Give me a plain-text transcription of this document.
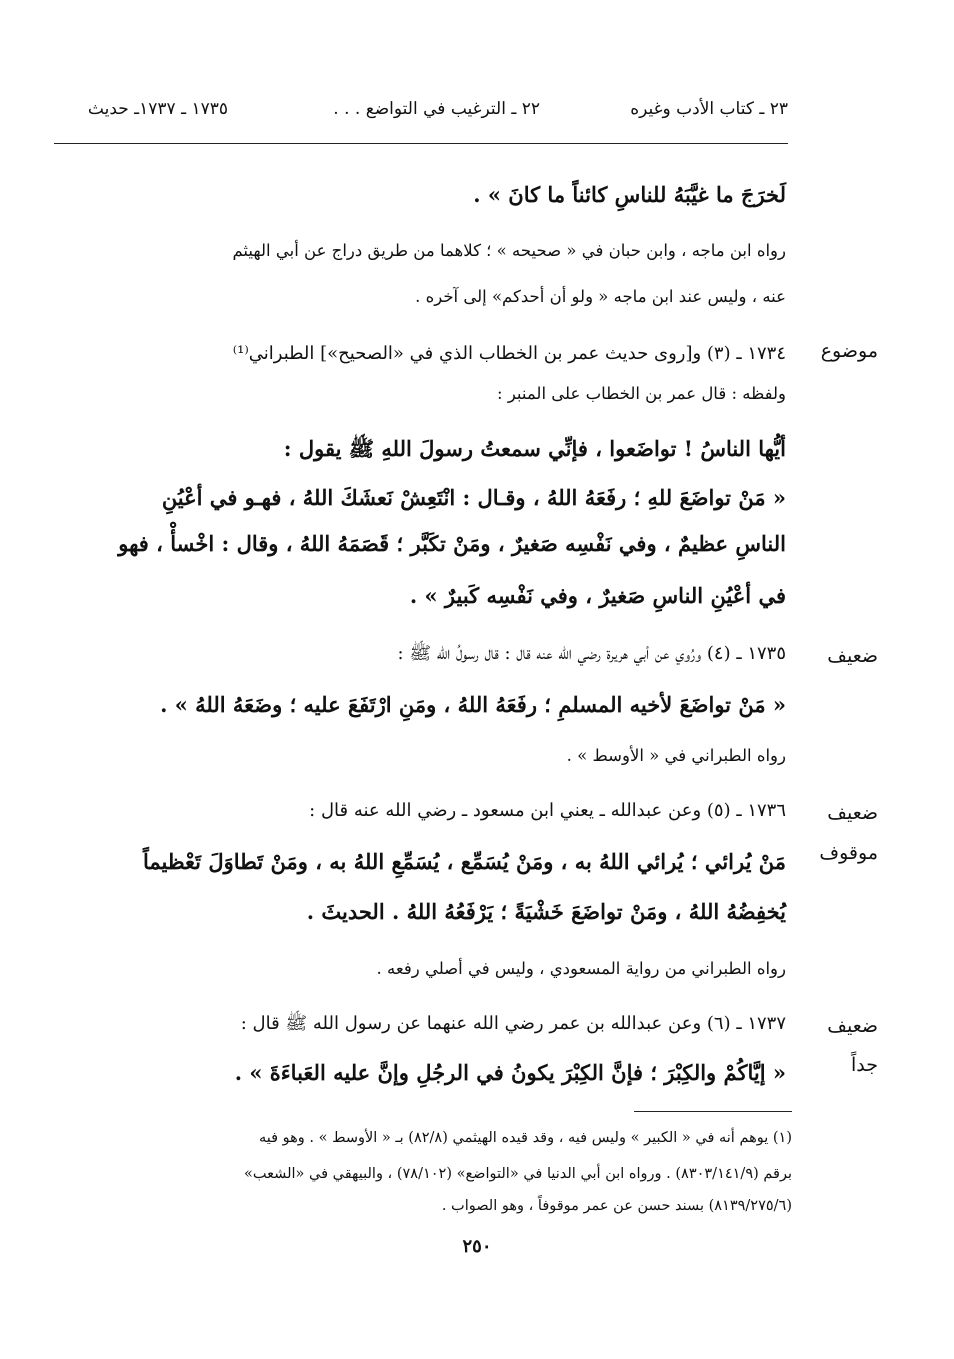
٢٣ ـ كتاب الأدب وغيره
٢٢ ـ الترغيب في التواضع . . .
١٧٣٥ ـ ١٧٣٧ـ حديث
لَخرَجَ ما غيَّبَهُ للناسِ كائناً ما كانَ » .
رواه ابن ماجه ، وابن حبان في « صحيحه » ؛ كلاهما من طريق دراج عن أبي الهيثم
عنه ، وليس عند ابن ماجه « ولو أن أحدكم» إلى آخره .
موضوع
١٧٣٤ ـ (٣) و[روى حديث عمر بن الخطاب الذي في «الصحيح»] الطبراني⁽¹⁾
ولفظه : قال عمر بن الخطاب على المنبر :
أيُّها الناسُ ! تواضَعوا ، فإنِّي سمعتُ رسولَ اللهِ ﷺ يقول :
« مَنْ تواضَعَ للهِ ؛ رفَعَهُ اللهُ ، وقـال : انْتَعِشْ نَعشَكَ اللهُ ، فهـو في أعْيُنِ
الناسِ عظيمٌ ، وفي نَفْسِه صَغيرٌ ، ومَنْ تكَبَّر ؛ قَصَمَهُ اللهُ ، وقال : اخْسأْ ، فهو
في أعْيُنِ الناسِ صَغيرٌ ، وفي نَفْسِه كَبيرٌ » .
ضعيف
١٧٣٥ ـ (٤) ورُوي عن أبي هريرة رضي الله عنه قال : قال رسولُ الله ﷺ :
« مَنْ تواضَعَ لأخيه المسلمِ ؛ رفَعَهُ اللهُ ، ومَنِ ارْتَفَعَ عليه ؛ وضَعَهُ اللهُ » .
رواه الطبراني في « الأوسط » .
ضعيف
موقوف
١٧٣٦ ـ (٥) وعن عبدالله ـ يعني ابن مسعود ـ رضي الله عنه قال :
مَنْ يُرائي ؛ يُرائي اللهُ به ، ومَنْ يُسَمِّع ، يُسَمِّعِ اللهُ به ، ومَنْ تَطاوَلَ تَعْظيماً
يُخفِضُهُ اللهُ ، ومَنْ تواضَعَ خَشْيَةً ؛ يَرْفَعُهُ اللهُ . الحديثَ .
رواه الطبراني من رواية المسعودي ، وليس في أصلي رفعه .
ضعيف
جداً
١٧٣٧ ـ (٦) وعن عبدالله بن عمر رضي الله عنهما عن رسول الله ﷺ قال :
« إيَّاكُمْ والكِبْرَ ؛ فإنَّ الكِبْرَ يكونُ في الرجُلِ وإنَّ عليه العَباءَةَ » .
(١) يوهم أنه في « الكبير » وليس فيه ، وقد قيده الهيثمي (٨٢/٨) بـ « الأوسط » . وهو فيه
برقم (٨٣٠٣/١٤١/٩) . ورواه ابن أبي الدنيا في «التواضع» (٧٨/١٠٢) ، والبيهقي في «الشعب»
(٨١٣٩/٢٧٥/٦) بسند حسن عن عمر موقوفاً ، وهو الصواب .
٢٥٠
